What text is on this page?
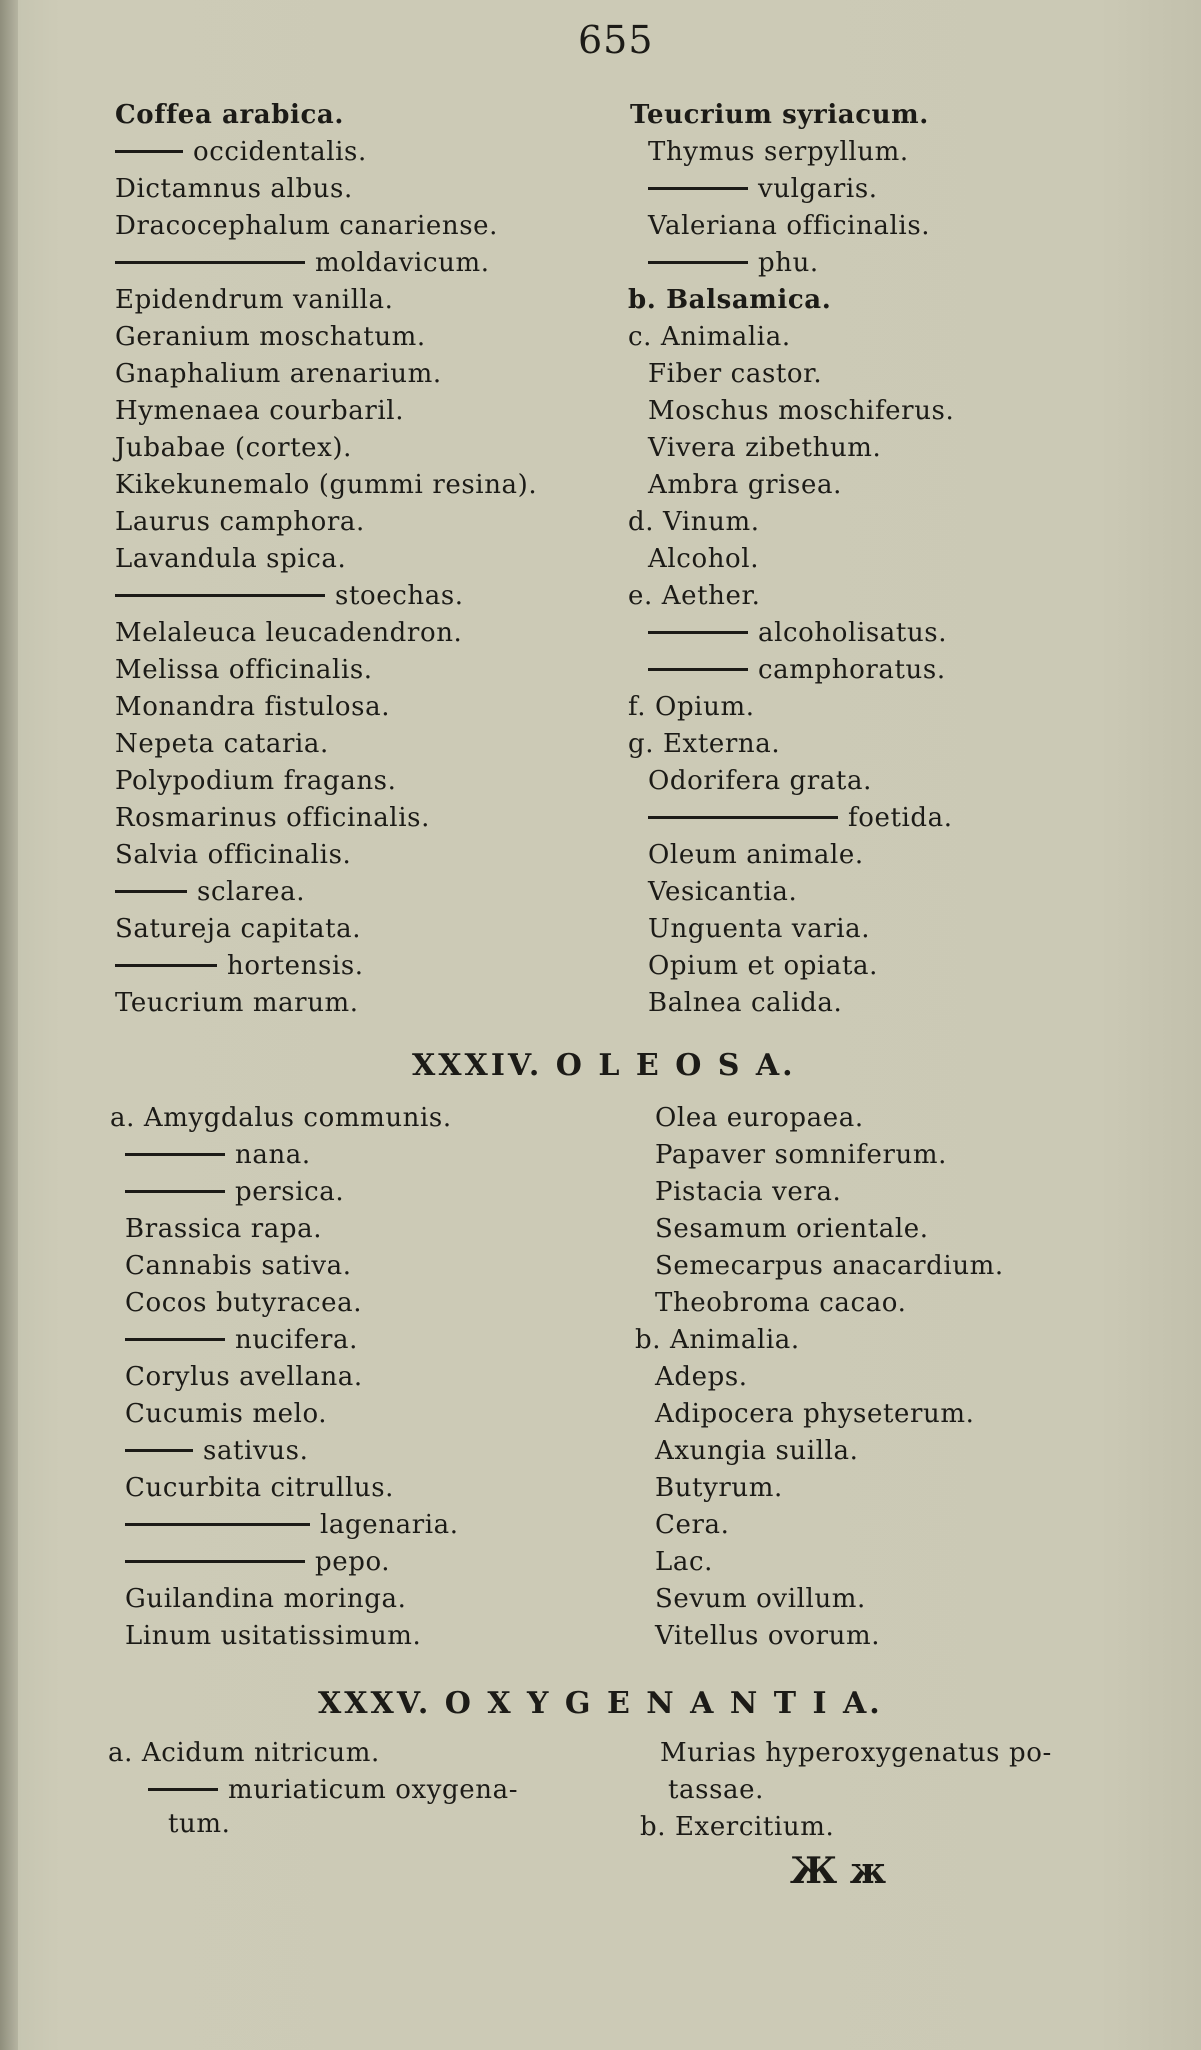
655
Coffea arabica.
occidentalis.
Dictamnus albus.
Dracocephalum canariense.
moldavicum.
Epidendrum vanilla.
Geranium moschatum.
Gnaphalium arenarium.
Hymenaea courbaril.
Jubabae (cortex).
Kikekunemalo (gummi resina).
Laurus camphora.
Lavandula spica.
stoechas.
Melaleuca leucadendron.
Melissa officinalis.
Monandra fistulosa.
Nepeta cataria.
Polypodium fragans.
Rosmarinus officinalis.
Salvia officinalis.
sclarea.
Satureja capitata.
hortensis.
Teucrium marum.
Teucrium syriacum.
Thymus serpyllum.
vulgaris.
Valeriana officinalis.
phu.
b. Balsamica.
c. Animalia.
Fiber castor.
Moschus moschiferus.
Vivera zibethum.
Ambra grisea.
d. Vinum.
Alcohol.
e. Aether.
alcoholisatus.
camphoratus.
f. Opium.
g. Externa.
Odorifera grata.
foetida.
Oleum animale.
Vesicantia.
Unguenta varia.
Opium et opiata.
Balnea calida.
XXXIV. O L E O S A.
a. Amygdalus communis.
nana.
persica.
Brassica rapa.
Cannabis sativa.
Cocos butyracea.
nucifera.
Corylus avellana.
Cucumis melo.
sativus.
Cucurbita citrullus.
lagenaria.
pepo.
Guilandina moringa.
Linum usitatissimum.
Olea europaea.
Papaver somniferum.
Pistacia vera.
Sesamum orientale.
Semecarpus anacardium.
Theobroma cacao.
b. Animalia.
Adeps.
Adipocera physeterum.
Axungia suilla.
Butyrum.
Cera.
Lac.
Sevum ovillum.
Vitellus ovorum.
XXXV. O X Y G E N A N T I A.
a. Acidum nitricum.
muriaticum oxygena-
tum.
Murias hyperoxygenatus po-
tassae.
b. Exercitium.
Ж ж
